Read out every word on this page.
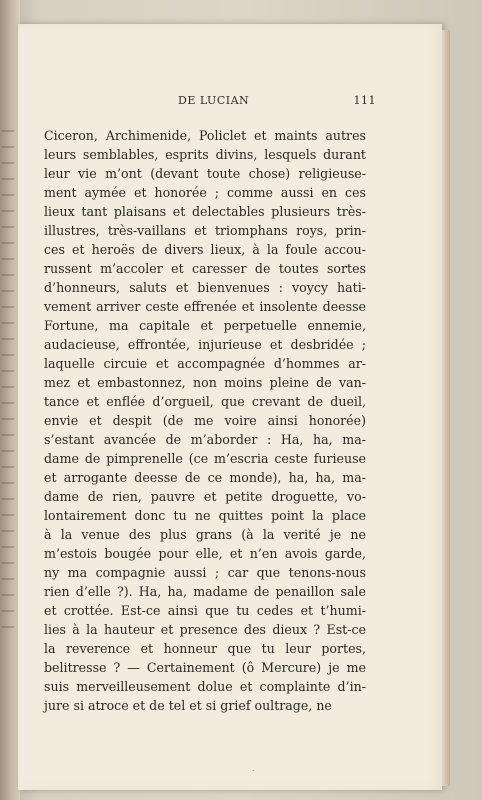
DE LUCIAN	111
Ciceron, Archimenide, Policlet et maints autres
leurs semblables, esprits divins, lesquels durant
leur vie m’ont (devant toute chose) religieuse-
ment aymée et honorée ; comme aussi en ces
lieux tant plaisans et delectables plusieurs très-
illustres, très-vaillans et triomphans roys, prin-
ces et heroës de divers lieux, à la foule accou-
russent m’accoler et caresser de toutes sortes
d’honneurs, saluts et bienvenues : voycy hati-
vement arriver ceste effrenée et insolente deesse
Fortune, ma capitale et perpetuelle ennemie,
audacieuse, effrontée, injurieuse et desbridée ;
laquelle circuie et accompagnée d’hommes ar-
mez et embastonnez, non moins pleine de van-
tance et enflée d’orgueil, que crevant de dueil,
envie et despit (de me voire ainsi honorée)
s’estant avancée de m’aborder : Ha, ha, ma-
dame de pimprenelle (ce m’escria ceste furieuse
et arrogante deesse de ce monde), ha, ha, ma-
dame de rien, pauvre et petite droguette, vo-
lontairement donc tu ne quittes point la place
à la venue des plus grans (à la verité je ne
m’estois bougée pour elle, et n’en avois garde,
ny ma compagnie aussi ; car que tenons-nous
rien d’elle ?). Ha, ha, madame de penaillon sale
et crottée. Est-ce ainsi que tu cedes et t’humi-
lies à la hauteur et presence des dieux ? Est-ce
la reverence et honneur que tu leur portes,
belitresse ? — Certainement (ô Mercure) je me
suis merveilleusement dolue et complainte d’in-
jure si atroce et de tel et si grief oultrage, ne
˙
